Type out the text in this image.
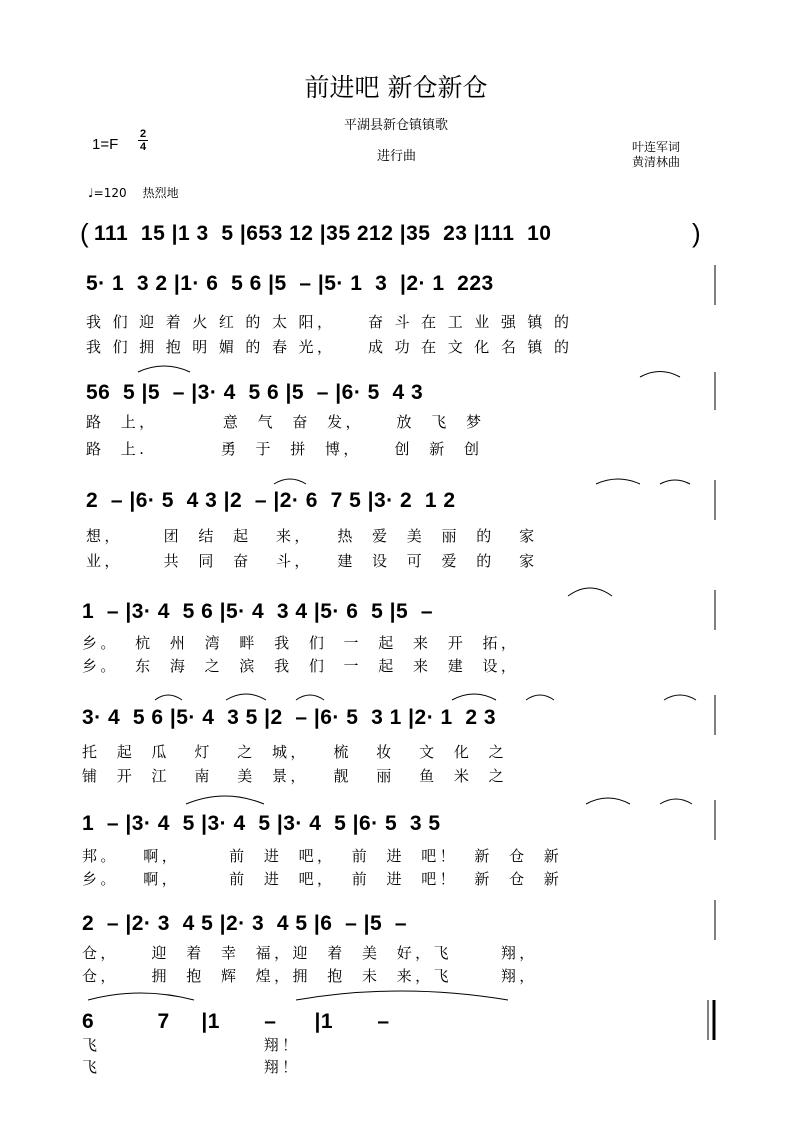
前进吧 新仓新仓
平湖县新仓镇镇歌
进行曲
叶连军词
黄清林曲
1=F
2
4
♩=120 热烈地
( 111  15 |1 3  5 |653 12 |35 212 |35  23 |111  10	)
5· 1  3 2 |1· 6  5 6 |5  – |5· 1  3  |2· 1  223
我 们 迎 着 火 红 的 太 阳，    奋 斗 在 工 业 强 镇 的
我 们 拥 抱 明 媚 的 春 光，    成 功 在 文 化 名 镇 的
56  5 |5  – |3· 4  5 6 |5  – |6· 5  4 3
路  上，        意  气  奋  发，    放  飞  梦
路  上.         勇  于  拼  博，    创  新  创
2  – |6· 5  4 3 |2  – |2· 6  7 5 |3· 2  1 2
想，     团  结  起   来，   热  爱  美  丽  的   家
业，     共  同  奋   斗，   建  设  可  爱  的   家
1  – |3· 4  5 6 |5· 4  3 4 |5· 6  5 |5  –
乡。  杭  州  湾  畔  我  们  一  起  来  开  拓，
乡。  东  海  之  滨  我  们  一  起  来  建  设，
3· 4  5 6 |5· 4  3 5 |2  – |6· 5  3 1 |2· 1  2 3
托  起  瓜   灯   之  城，   梳   妆   文  化  之
铺  开  江   南   美  景，   靓   丽   鱼  米  之
1  – |3· 4  5 |3· 4  5 |3· 4  5 |6· 5  3 5
邦。   啊，      前  进  吧，  前  进  吧！  新  仓  新
乡。   啊，      前  进  吧，  前  进  吧！  新  仓  新
2  – |2· 3  4 5 |2· 3  4 5 |6  – |5  –
仓，    迎  着  幸  福，迎  着  美  好，飞      翔，
仓，    拥  抱  辉  煌，拥  抱  未  来，飞      翔，
6          7     |1       –      |1       –
飞                    翔！
飞                    翔！
